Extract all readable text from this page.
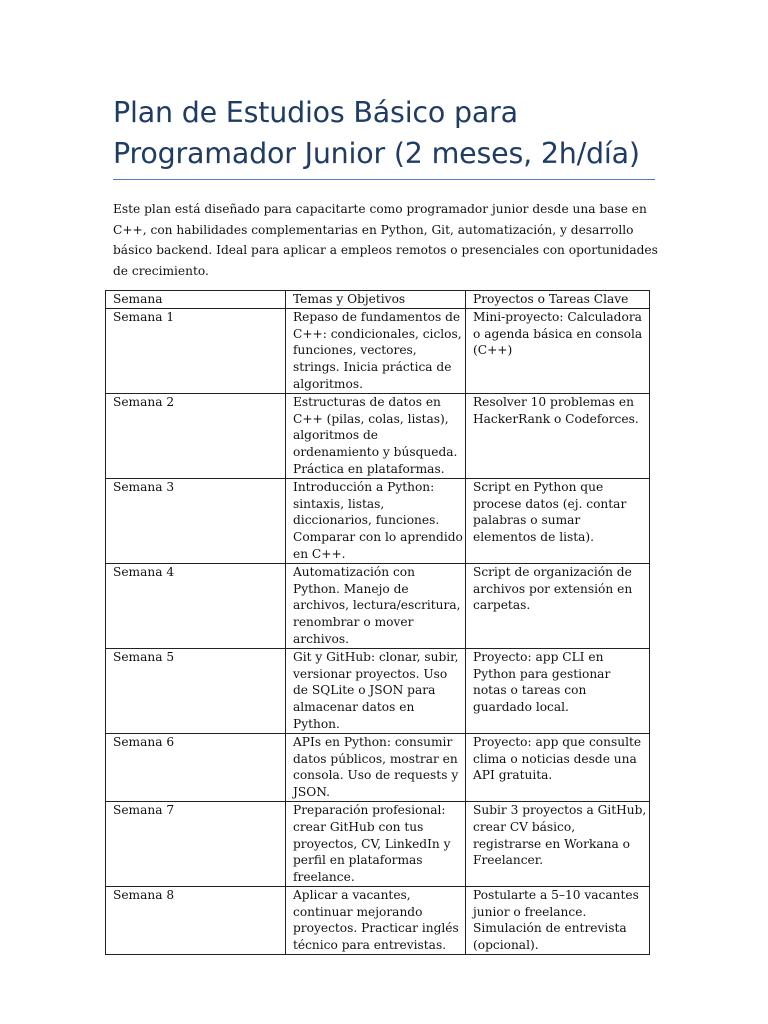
Plan de Estudios Básico para Programador Junior (2 meses, 2h/día)

Este plan está diseñado para capacitarte como programador junior desde una base en C++, con habilidades complementarias en Python, Git, automatización, y desarrollo básico backend. Ideal para aplicar a empleos remotos o presenciales con oportunidades de crecimiento.

Semana	Temas y Objetivos	Proyectos o Tareas Clave
Semana 1	Repaso de fundamentos de C++: condicionales, ciclos, funciones, vectores, strings. Inicia práctica de algoritmos.	Mini-proyecto: Calculadora o agenda básica en consola (C++)
Semana 2	Estructuras de datos en C++ (pilas, colas, listas), algoritmos de ordenamiento y búsqueda. Práctica en plataformas.	Resolver 10 problemas en HackerRank o Codeforces.
Semana 3	Introducción a Python: sintaxis, listas, diccionarios, funciones. Comparar con lo aprendido en C++.	Script en Python que procese datos (ej. contar palabras o sumar elementos de lista).
Semana 4	Automatización con Python. Manejo de archivos, lectura/escritura, renombrar o mover archivos.	Script de organización de archivos por extensión en carpetas.
Semana 5	Git y GitHub: clonar, subir, versionar proyectos. Uso de SQLite o JSON para almacenar datos en Python.	Proyecto: app CLI en Python para gestionar notas o tareas con guardado local.
Semana 6	APIs en Python: consumir datos públicos, mostrar en consola. Uso de requests y JSON.	Proyecto: app que consulte clima o noticias desde una API gratuita.
Semana 7	Preparación profesional: crear GitHub con tus proyectos, CV, LinkedIn y perfil en plataformas freelance.	Subir 3 proyectos a GitHub, crear CV básico, registrarse en Workana o Freelancer.
Semana 8	Aplicar a vacantes, continuar mejorando proyectos. Practicar inglés técnico para entrevistas.	Postularte a 5–10 vacantes junior o freelance. Simulación de entrevista (opcional).
